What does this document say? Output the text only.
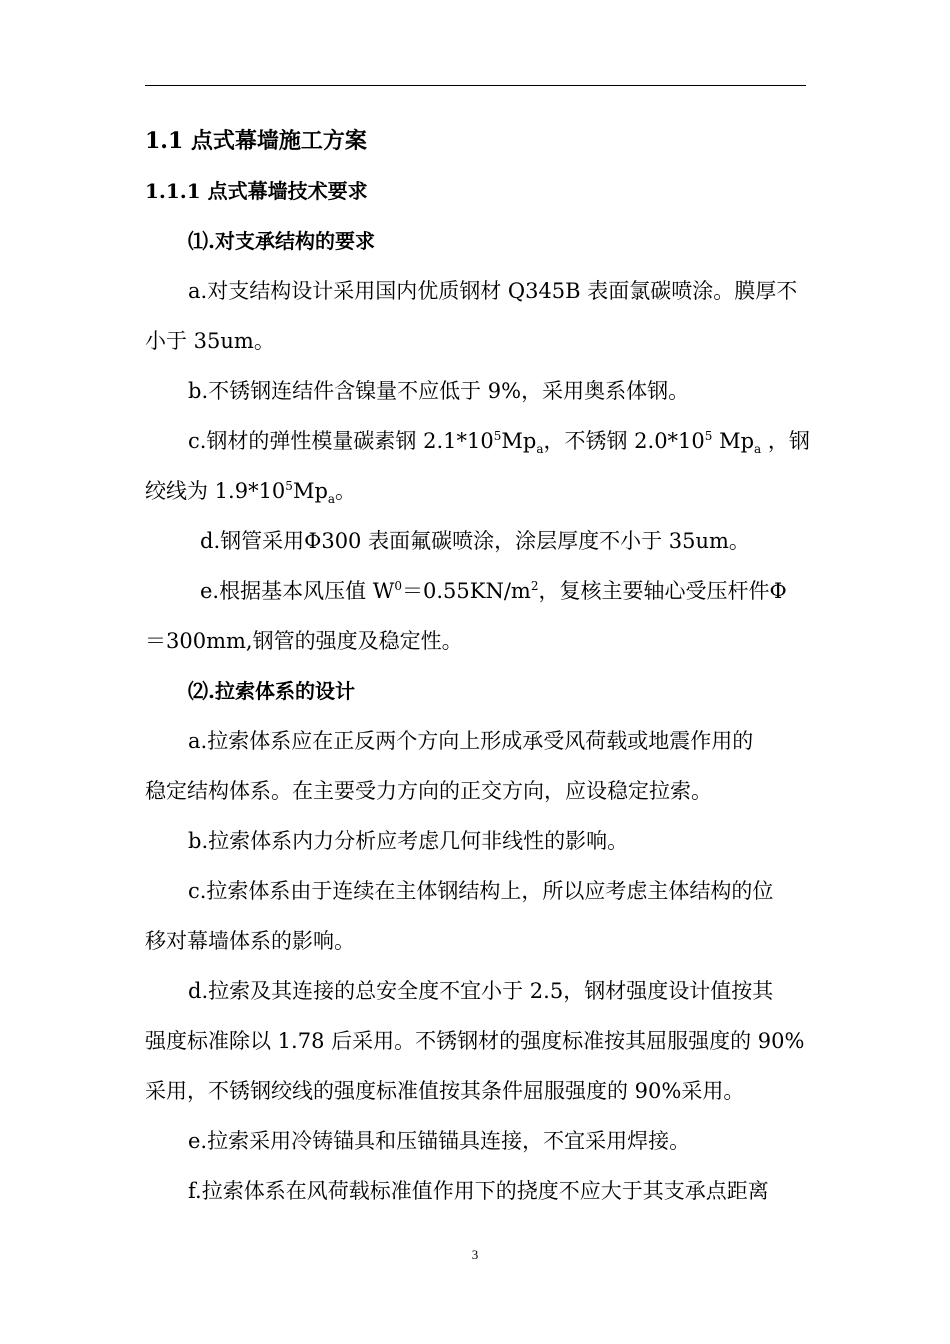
1.1 点式幕墙施工方案
1.1.1 点式幕墙技术要求
⑴.对支承结构的要求
a.对支结构设计采用国内优质钢材 Q345B 表面氯碳喷涂。膜厚不
小于 35um。
b.不锈钢连结件含镍量不应低于 9%，采用奥系体钢。
c.钢材的弹性模量碳素钢 $2.1*10^5Mp_a$，不锈钢 $2.0*10^5$ $Mp_a$ ，钢
绞线为 $1.9*10^5Mp_a$。
d.钢管采用Φ300 表面氟碳喷涂，涂层厚度不小于 35um。
e.根据基本风压值 $W^0=0.55KN/m^2$，复核主要轴心受压杆件Φ
＝300mm,钢管的强度及稳定性。
⑵.拉索体系的设计
a.拉索体系应在正反两个方向上形成承受风荷载或地震作用的
稳定结构体系。在主要受力方向的正交方向，应设稳定拉索。
b.拉索体系内力分析应考虑几何非线性的影响。
c.拉索体系由于连续在主体钢结构上，所以应考虑主体结构的位
移对幕墙体系的影响。
d.拉索及其连接的总安全度不宜小于 2.5，钢材强度设计值按其
强度标准除以 1.78 后采用。不锈钢材的强度标准按其屈服强度的 90%
采用，不锈钢绞线的强度标准值按其条件屈服强度的 90%采用。
e.拉索采用冷铸锚具和压锚锚具连接，不宜采用焊接。
f.拉索体系在风荷载标准值作用下的挠度不应大于其支承点距离
3
